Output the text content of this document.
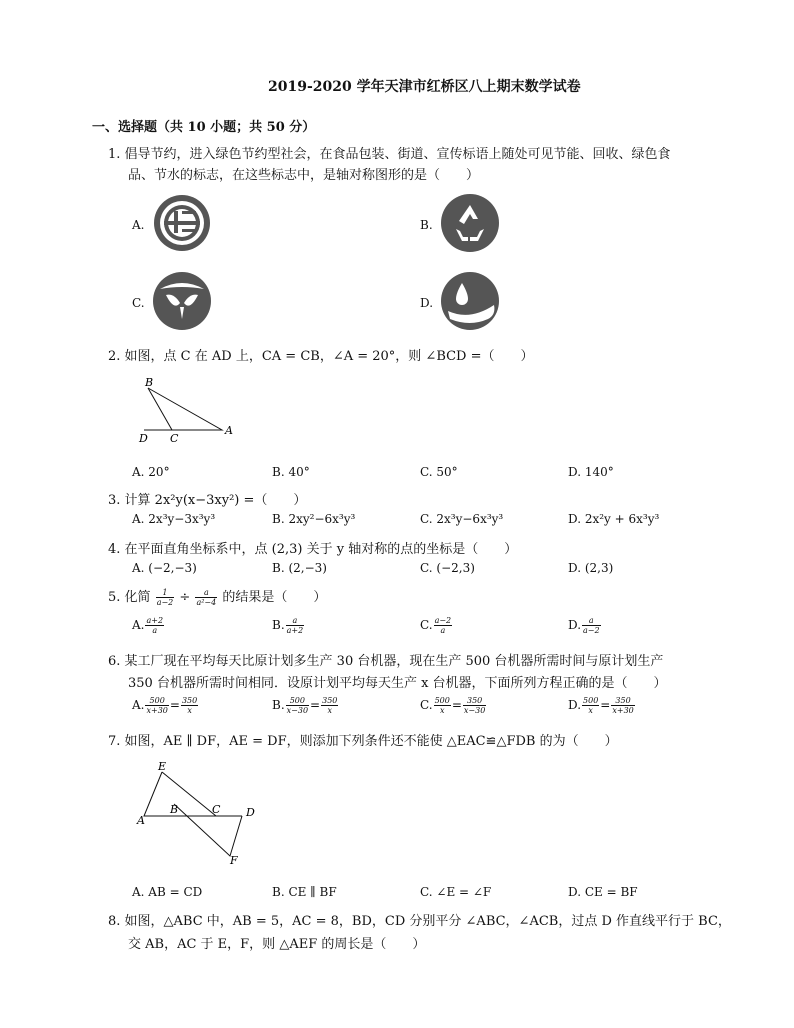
2019-2020 学年天津市红桥区八上期末数学试卷
一、选择题（共 10 小题；共 50 分）
1. 倡导节约，进入绿色节约型社会，在食品包装、街道、宣传标语上随处可见节能、回收、绿色食
品、节水的标志，在这些标志中，是轴对称图形的是（　　）
A.	B.
C.	D.
2. 如图，点 C 在 AD 上，CA = CB，∠A = 20°，则 ∠BCD =（　　）
B
D C
A
A. 20°	B. 40°	C. 50°	D. 140°
3. 计算 2x²y(x−3xy²) =（　　）
A. 2x³y−3x³y³	B. 2xy²−6x³y³	C. 2x³y−6x³y³	D. 2x²y + 6x³y³
4. 在平面直角坐标系中，点 (2,3) 关于 y 轴对称的点的坐标是（　　）
A. (−2,−3)	B. (2,−3)	C. (−2,3)	D. (2,3)
5. 化简 $\frac{1}{a-2} \div \frac{a}{\text{a²−4}}$ 的结果是（　　）
A. $\frac{a+2}{a}$	B. $\frac{a}{a+2}$	C. $\frac{a-2}{a}$	D. $\frac{a}{a-2}$
6. 某工厂现在平均每天比原计划多生产 30 台机器，现在生产 500 台机器所需时间与原计划生产
350 台机器所需时间相同．设原计划平均每天生产 x 台机器，下面所列方程正确的是（　　）
A. $\frac{500}{x+30} = \frac{350}{x}$	B. $\frac{500}{x-30} = \frac{350}{x}$	C. $\frac{500}{x} = \frac{350}{x-30}$	D. $\frac{500}{x} = \frac{350}{x+30}$
7. 如图，AE ∥ DF，AE = DF，则添加下列条件还不能使 △EAC≌△FDB 的为（　　）
E
A
B	C D
F
A. AB = CD	B. CE ∥ BF	C. ∠E = ∠F	D. CE = BF
8. 如图，△ABC 中，AB = 5，AC = 8，BD，CD 分别平分 ∠ABC，∠ACB，过点 D 作直线平行于 BC，
交 AB，AC 于 E，F，则 △AEF 的周长是（　　）
